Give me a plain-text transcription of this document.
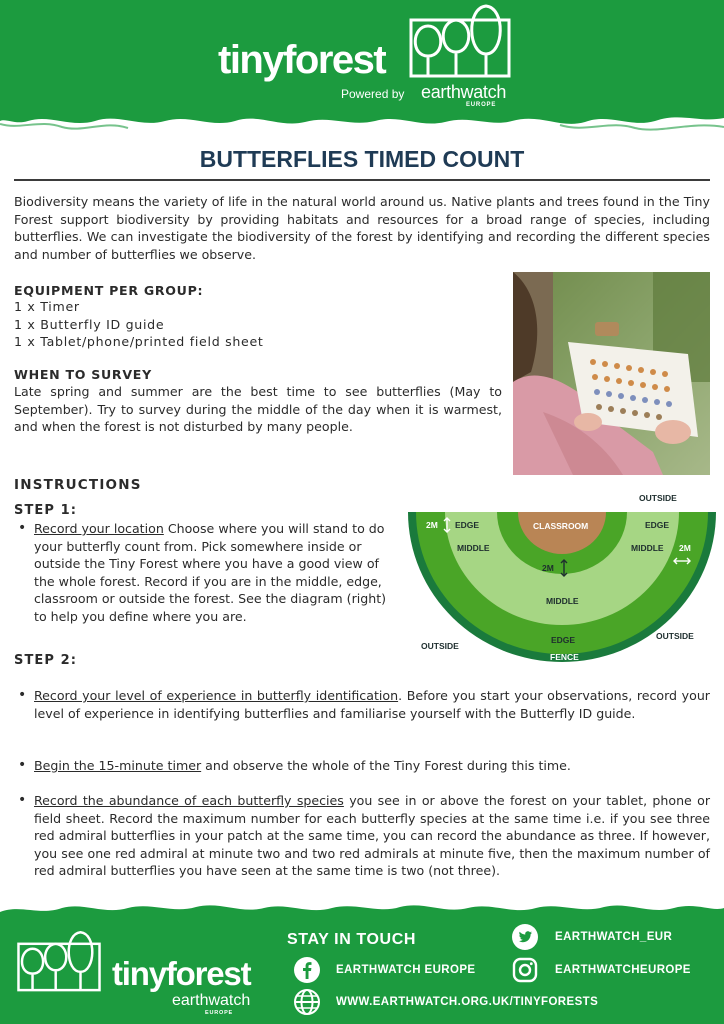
tinyforest
Powered by earthwatch
EUROPE
BUTTERFLIES TIMED COUNT

Biodiversity means the variety of life in the natural world around us. Native plants and trees found in the Tiny Forest support biodiversity by providing habitats and resources for a broad range of species, including butterflies. We can investigate the biodiversity of the forest by identifying and recording the different species and number of butterflies we observe.

EQUIPMENT PER GROUP:
1 x Timer
1 x Butterfly ID guide
1 x Tablet/phone/printed field sheet
WHEN TO SURVEY

Late spring and summer are the best time to see butterflies (May to September). Try to survey during the middle of the day when it is warmest, and when the forest is not disturbed by many people.

INSTRUCTIONS
STEP 1:
• Record your location Choose where you will stand to do your butterfly count from. Pick somewhere inside or outside the Tiny Forest where you have a good view of the whole forest. Record if you are in the middle, edge, classroom or outside the forest. See the diagram (right) to help you define where you are.
OUTSIDE
OUTSIDE
OUTSIDE
CLASSROOM
EDGE	EDGE
EDGE
MIDDLE	MIDDLE
MIDDLE
FENCE
2M
2M
2M
STEP 2:
• Record your level of experience in butterfly identification. Before you start your observations, record your level of experience in identifying butterflies and familiarise yourself with the Butterfly ID guide.
• Begin the 15-minute timer and observe the whole of the Tiny Forest during this time.
• Record the abundance of each butterfly species you see in or above the forest on your tablet, phone or field sheet. Record the maximum number for each butterfly species at the same time i.e. if you see three red admiral butterflies in your patch at the same time, you can record the abundance as three. If however, you see one red admiral at minute two and two red admirals at minute five, then the maximum number of red admiral butterflies you have seen at the same time is two (not three).
tinyforest
earthwatch
EUROPE
STAY IN TOUCH
EARTHWATCH EUROPE
EARTHWATCH_EUR
EARTHWATCHEUROPE
WWW.EARTHWATCH.ORG.UK/TINYFORESTS
